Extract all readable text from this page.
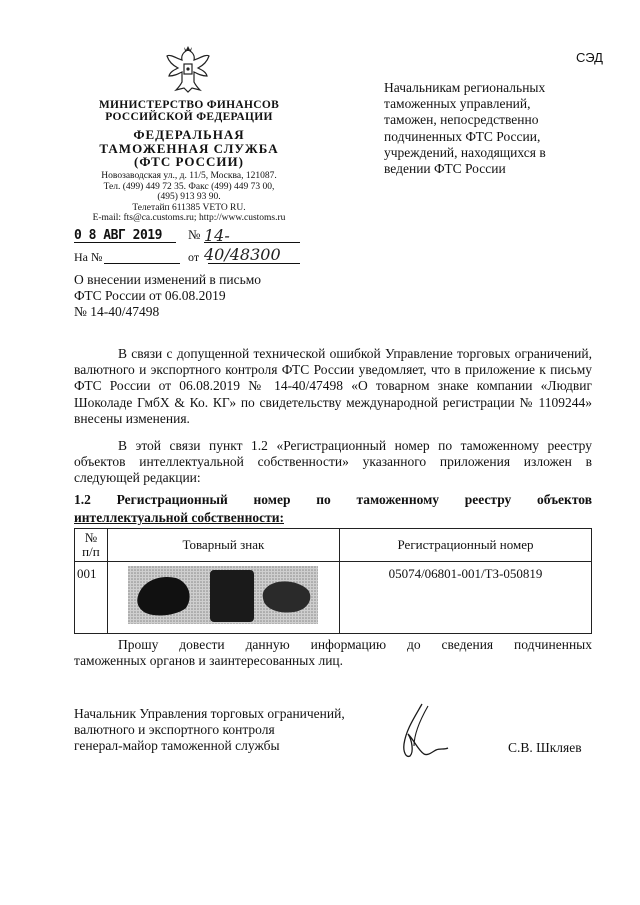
СЭД
МИНИСТЕРСТВО ФИНАНСОВ
РОССИЙСКОЙ ФЕДЕРАЦИИ
ФЕДЕРАЛЬНАЯ
ТАМОЖЕННАЯ СЛУЖБА
(ФТС РОССИИ)
Новозаводская ул., д. 11/5, Москва, 121087.
Тел. (499) 449 72 35. Факс (499) 449 73 00,
(495) 913 93 90.
Телетайп 611385 VETO RU.
E-mail: fts@ca.customs.ru; http://www.customs.ru
0 8 АВГ 2019	№ 14-40/48300
На №	от
Начальникам региональных
таможенных управлений,
таможен, непосредственно
подчиненных ФТС России,
учреждений, находящихся в
ведении ФТС России
О внесении изменений в письмо
ФТС России от 06.08.2019
№ 14-40/47498
В связи с допущенной технической ошибкой Управление торговых ограничений, валютного и экспортного контроля ФТС России уведомляет, что в приложение к письму ФТС России от 06.08.2019 № 14-40/47498 «О товарном знаке компании «Людвиг Шоколаде ГмбХ & Ко. КГ» по свидетельству международной регистрации № 1109244» внесены изменения.
В этой связи пункт 1.2 «Регистрационный номер по таможенному реестру объектов интеллектуальной собственности» указанного приложения изложен в следующей редакции:
1.2 Регистрационный номер по таможенному реестру объектов
интеллектуальной собственности:
№
п/п	Товарный знак	Регистрационный номер
001		05074/06801-001/ТЗ-050819
Прошу довести данную информацию до сведения подчиненных
таможенных органов и заинтересованных лиц.
Начальник Управления торговых ограничений,
валютного и экспортного контроля
генерал-майор таможенной службы	С.В. Шкляев
